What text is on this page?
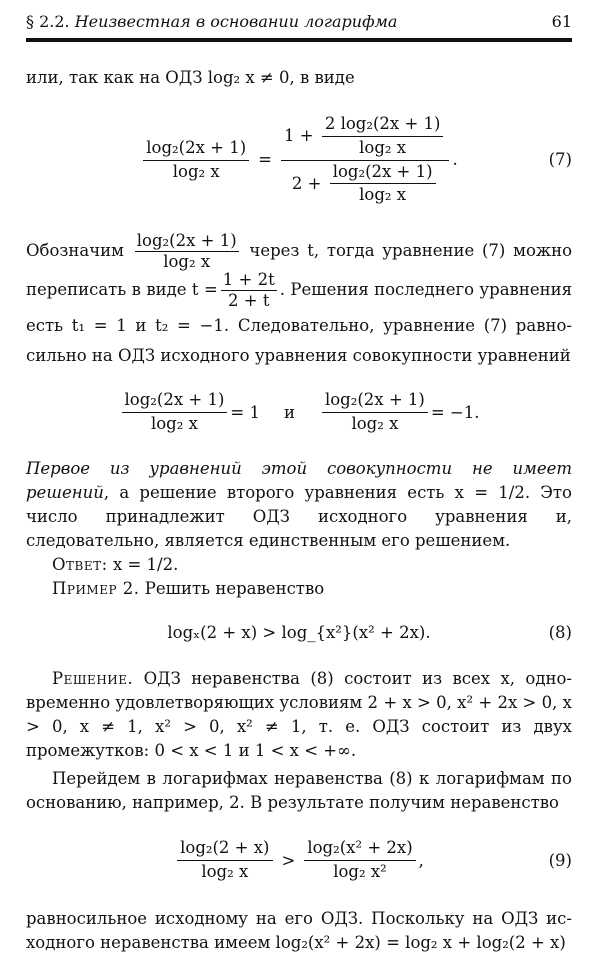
§ 2.2. Неизвестная в основании логарифма	61

или, так как на ОДЗ log₂ x ≠ 0, в виде

$\frac{\text{log₂(2x + 1)}}{\text{log₂ x}} = \frac{1 + \frac{\text{2 log₂(2x + 1)}}{\text{log₂ x}}}{2 + \frac{\text{log₂(2x + 1)}}{\text{log₂ x}}}$ .	(7)

Обозначим $\frac{\text{log₂(2x + 1)}}{\text{log₂ x}}$ через t, тогда уравнение (7) можно переписать в виде $t = \frac{1 + 2t}{2 + t}$ . Решения последнего уравнения есть t₁ = 1 и t₂ = −1. Следовательно, уравнение (7) равносильно на ОДЗ исходного уравнения совокупности уравнений

$\frac{\text{log₂(2x + 1)}}{\text{log₂ x}} = 1$ и $\frac{\text{log₂(2x + 1)}}{\text{log₂ x}} = -1$.

Первое из уравнений этой совокупности не имеет решений, а решение второго уравнения есть x = 1/2. Это число принадлежит ОДЗ исходного уравнения и, следовательно, является единственным его решением.

Ответ: x = 1/2.

Пример 2. Решить неравенство

logₓ(2 + x) > log_{x²}(x² + 2x).	(8)

Решение. ОДЗ неравенства (8) состоит из всех x, одновременно удовлетворяющих условиям 2 + x > 0, x² + 2x > 0, x > 0, x ≠ 1, x² > 0, x² ≠ 1, т. е. ОДЗ состоит из двух промежутков: 0 < x < 1 и 1 < x < +∞.

Перейдем в логарифмах неравенства (8) к логарифмам по основанию, например, 2. В результате получим неравенство

$\frac{\text{log₂(2 + x)}}{\text{log₂ x}} > \frac{\text{log₂(x² + 2x)}}{\text{log₂ x²}}$ ,	(9)

равносильное исходному на его ОДЗ. Поскольку на ОДЗ исходного неравенства имеем log₂(x² + 2x) = log₂ x + log₂(2 + x)
